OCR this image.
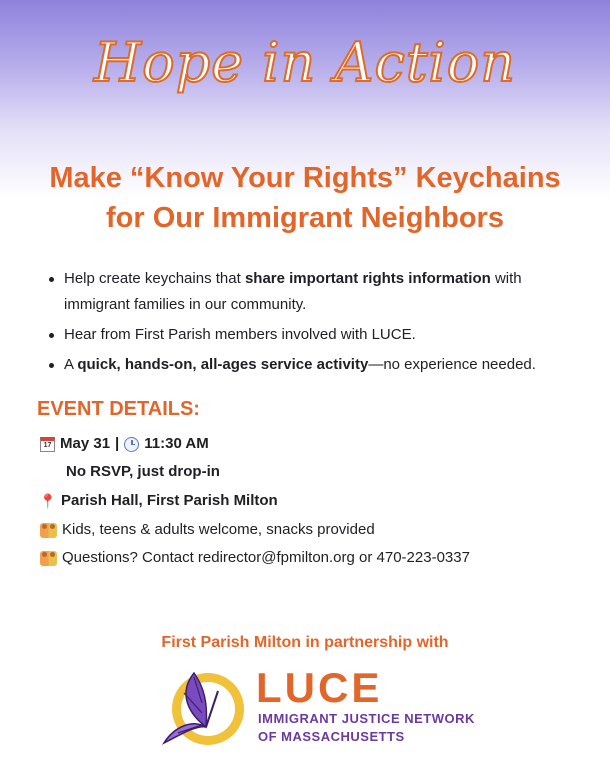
Hope in Action
Make “Know Your Rights” Keychains
for Our Immigrant Neighbors
Help create keychains that share important rights information with immigrant families in our community.
Hear from First Parish members involved with LUCE.
A quick, hands-on, all-ages service activity—no experience needed.
EVENT DETAILS:
17 May 31 | 11:30 AM
No RSVP, just drop-in
📍 Parish Hall, First Parish Milton
Kids, teens & adults welcome, snacks provided
Questions? Contact redirector@fpmilton.org or 470-223-0337
First Parish Milton in partnership with
LUCE
IMMIGRANT JUSTICE NETWORK
OF MASSACHUSETTS
